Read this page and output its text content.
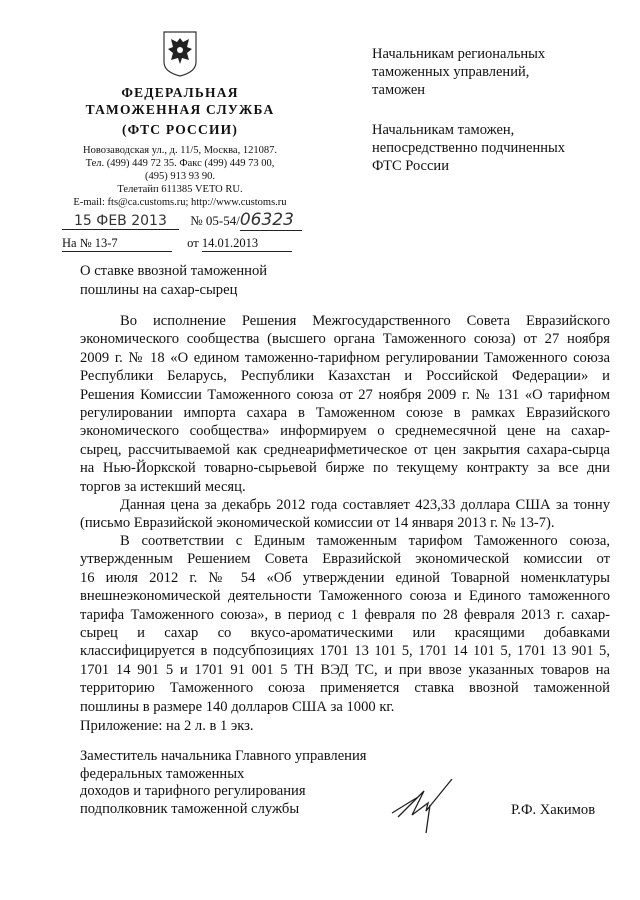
ФЕДЕРАЛЬНАЯ
ТАМОЖЕННАЯ СЛУЖБА
(ФТС РОССИИ)
Новозаводская ул., д. 11/5, Москва, 121087.
Тел. (499) 449 72 35. Факс (499) 449 73 00,
(495) 913 93 90.
Телетайп 611385 VETO RU.
E-mail: fts@ca.customs.ru; http://www.customs.ru
15 ФЕВ 2013 № 05-54/06323
На № 13-7	от 14.01.2013
Начальникам региональных
таможенных управлений,
таможен
Начальникам таможен,
непосредственно подчиненных
ФТС России
О ставке ввозной таможенной
пошлины на сахар-сырец
Во исполнение Решения Межгосударственного Совета Евразийского
экономического сообщества (высшего органа Таможенного союза) от 27 ноября
2009 г. № 18 «О едином таможенно-тарифном регулировании Таможенного союза
Республики Беларусь, Республики Казахстан и Российской Федерации» и
Решения Комиссии Таможенного союза от 27 ноября 2009 г. № 131 «О тарифном
регулировании импорта сахара в Таможенном союзе в рамках Евразийского
экономического сообщества» информируем о среднемесячной цене на сахар-
сырец, рассчитываемой как среднеарифметическое от цен закрытия сахара-сырца
на Нью-Йоркской товарно-сырьевой бирже по текущему контракту за все дни
торгов за истекший месяц.
Данная цена за декабрь 2012 года составляет 423,33 доллара США за тонну
(письмо Евразийской экономической комиссии от 14 января 2013 г. № 13-7).
В соответствии с Единым таможенным тарифом Таможенного союза,
утвержденным Решением Совета Евразийской экономической комиссии от
16 июля 2012 г. № 54 «Об утверждении единой Товарной номенклатуры
внешнеэкономической деятельности Таможенного союза и Единого таможенного
тарифа Таможенного союза», в период с 1 февраля по 28 февраля 2013 г. сахар-
сырец и сахар со вкусо-ароматическими или красящими добавками
классифицируется в подсубпозициях 1701 13 101 5, 1701 14 101 5, 1701 13 901 5,
1701 14 901 5 и 1701 91 001 5 ТН ВЭД ТС, и при ввозе указанных товаров на
территорию Таможенного союза применяется ставка ввозной таможенной
пошлины в размере 140 долларов США за 1000 кг.
Приложение: на 2 л. в 1 экз.
Заместитель начальника Главного управления
федеральных таможенных
доходов и тарифного регулирования
подполковник таможенной службы	Р.Ф. Хакимов
